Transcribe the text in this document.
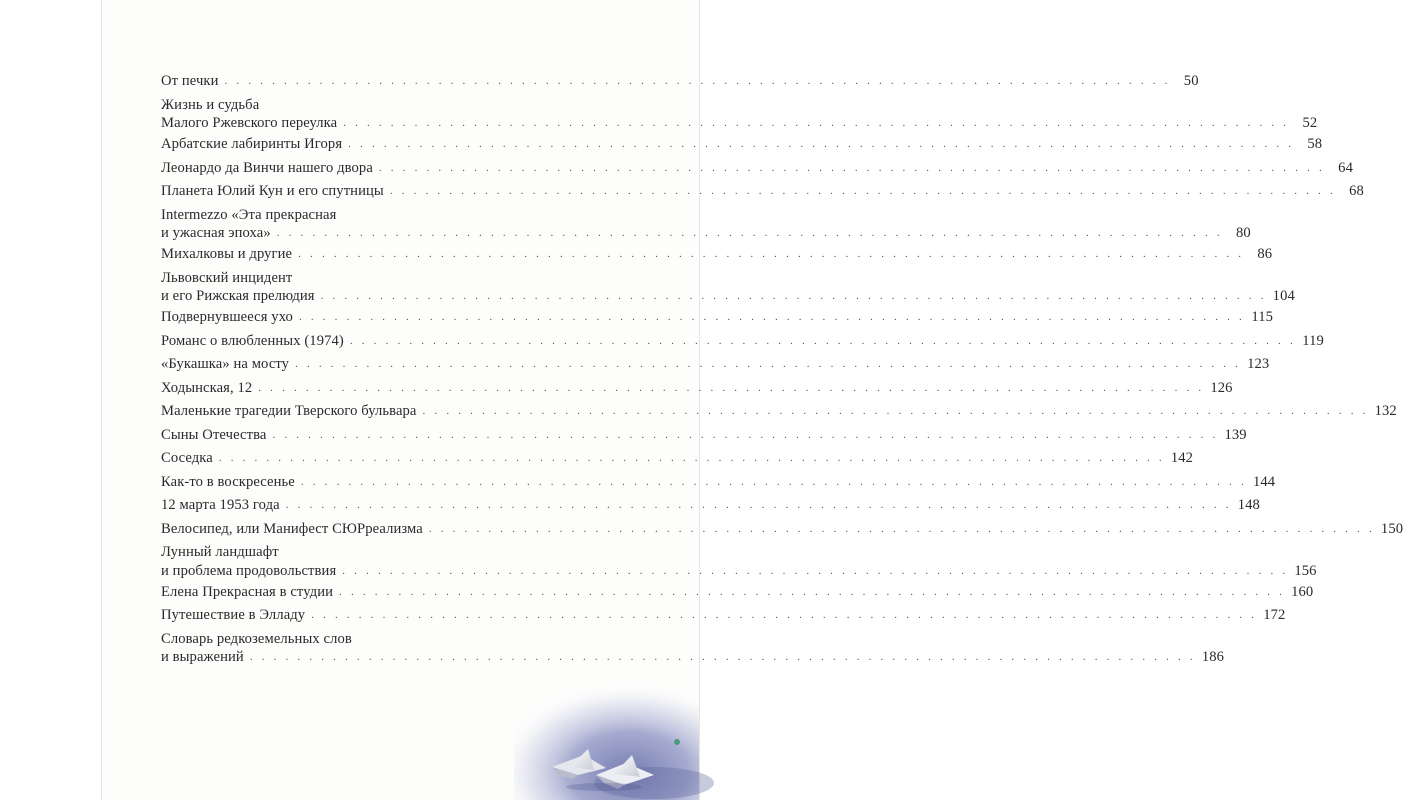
От печки . . . . . . . . . . . . . . . . . . . . . . . . . . . . . . . . . . . . . . . . . . . . . . . . . . . . . . . . . . . . . . . . . . . . . . . . . . . . . . . . 50
Жизнь и судьба
Малого Ржевского переулка . . . . . . . . . . . . . . . . . . . . . . . . . . . . . . . . . . . . . . . . . . . . . . . . . . . . . . . . . . . . . . . . . . . . . . . . . . . . . . . . 52
Арбатские лабиринты Игоря . . . . . . . . . . . . . . . . . . . . . . . . . . . . . . . . . . . . . . . . . . . . . . . . . . . . . . . . . . . . . . . . . . . . . . . . . . . . . . . . 58
Леонардо да Винчи нашего двора . . . . . . . . . . . . . . . . . . . . . . . . . . . . . . . . . . . . . . . . . . . . . . . . . . . . . . . . . . . . . . . . . . . . . . . . . . . . . . . . 64
Планета Юлий Кун и его спутницы . . . . . . . . . . . . . . . . . . . . . . . . . . . . . . . . . . . . . . . . . . . . . . . . . . . . . . . . . . . . . . . . . . . . . . . . . . . . . . . . 68
Intermezzo «Эта прекрасная
и ужасная эпоха» . . . . . . . . . . . . . . . . . . . . . . . . . . . . . . . . . . . . . . . . . . . . . . . . . . . . . . . . . . . . . . . . . . . . . . . . . . . . . . . . 80
Михалковы и другие . . . . . . . . . . . . . . . . . . . . . . . . . . . . . . . . . . . . . . . . . . . . . . . . . . . . . . . . . . . . . . . . . . . . . . . . . . . . . . . . 86
Львовский инцидент
и его Рижская прелюдия . . . . . . . . . . . . . . . . . . . . . . . . . . . . . . . . . . . . . . . . . . . . . . . . . . . . . . . . . . . . . . . . . . . . . . . . . . . . . . . . 104
Подвернувшееся ухо . . . . . . . . . . . . . . . . . . . . . . . . . . . . . . . . . . . . . . . . . . . . . . . . . . . . . . . . . . . . . . . . . . . . . . . . . . . . . . . . 115
Романс о влюбленных (1974) . . . . . . . . . . . . . . . . . . . . . . . . . . . . . . . . . . . . . . . . . . . . . . . . . . . . . . . . . . . . . . . . . . . . . . . . . . . . . . . . 119
«Букашка» на мосту . . . . . . . . . . . . . . . . . . . . . . . . . . . . . . . . . . . . . . . . . . . . . . . . . . . . . . . . . . . . . . . . . . . . . . . . . . . . . . . . 123
Ходынская, 12 . . . . . . . . . . . . . . . . . . . . . . . . . . . . . . . . . . . . . . . . . . . . . . . . . . . . . . . . . . . . . . . . . . . . . . . . . . . . . . . . 126
Маленькие трагедии Тверского бульвара . . . . . . . . . . . . . . . . . . . . . . . . . . . . . . . . . . . . . . . . . . . . . . . . . . . . . . . . . . . . . . . . . . . . . . . . . . . . . . . . 132
Сыны Отечества . . . . . . . . . . . . . . . . . . . . . . . . . . . . . . . . . . . . . . . . . . . . . . . . . . . . . . . . . . . . . . . . . . . . . . . . . . . . . . . . 139
Соседка . . . . . . . . . . . . . . . . . . . . . . . . . . . . . . . . . . . . . . . . . . . . . . . . . . . . . . . . . . . . . . . . . . . . . . . . . . . . . . . . 142
Как-то в воскресенье . . . . . . . . . . . . . . . . . . . . . . . . . . . . . . . . . . . . . . . . . . . . . . . . . . . . . . . . . . . . . . . . . . . . . . . . . . . . . . . . 144
12 марта 1953 года . . . . . . . . . . . . . . . . . . . . . . . . . . . . . . . . . . . . . . . . . . . . . . . . . . . . . . . . . . . . . . . . . . . . . . . . . . . . . . . . 148
Велосипед, или Манифест СЮРреализма . . . . . . . . . . . . . . . . . . . . . . . . . . . . . . . . . . . . . . . . . . . . . . . . . . . . . . . . . . . . . . . . . . . . . . . . . . . . . . . . 150
Лунный ландшафт
и проблема продовольствия . . . . . . . . . . . . . . . . . . . . . . . . . . . . . . . . . . . . . . . . . . . . . . . . . . . . . . . . . . . . . . . . . . . . . . . . . . . . . . . . 156
Елена Прекрасная в студии . . . . . . . . . . . . . . . . . . . . . . . . . . . . . . . . . . . . . . . . . . . . . . . . . . . . . . . . . . . . . . . . . . . . . . . . . . . . . . . . 160
Путешествие в Элладу . . . . . . . . . . . . . . . . . . . . . . . . . . . . . . . . . . . . . . . . . . . . . . . . . . . . . . . . . . . . . . . . . . . . . . . . . . . . . . . . 172
Словарь редкоземельных слов
и выражений . . . . . . . . . . . . . . . . . . . . . . . . . . . . . . . . . . . . . . . . . . . . . . . . . . . . . . . . . . . . . . . . . . . . . . . . . . . . . . . . 186
